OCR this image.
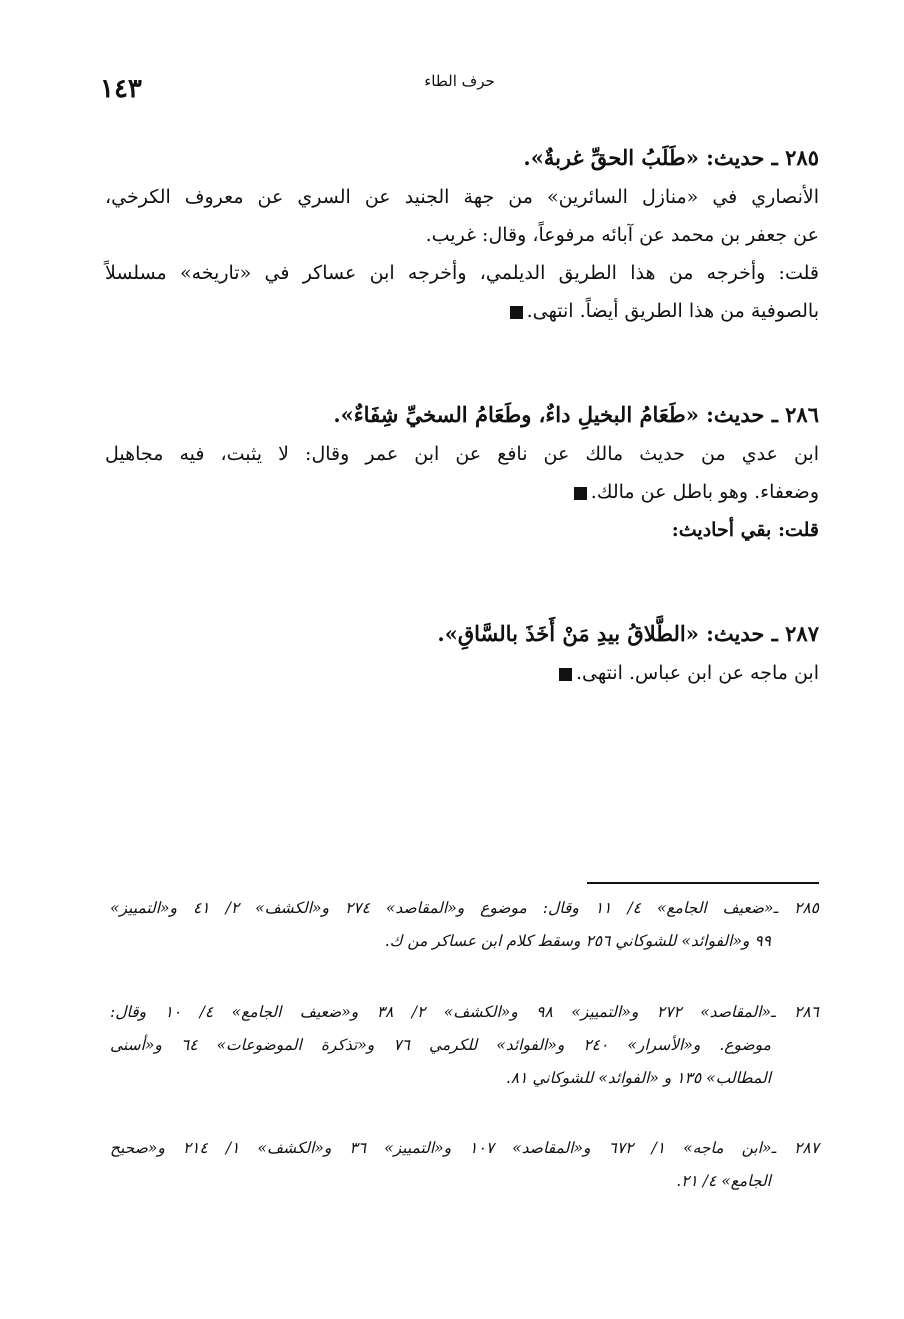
حرف الطاء
١٤٣
٢٨٥ ـ حديث: «طَلَبُ الحقِّ غربةٌ».
الأنصاري في «منازل السائرين» من جهة الجنيد عن السري عن معروف الكرخي،
عن جعفر بن محمد عن آبائه مرفوعاً، وقال: غريب.
قلت: وأخرجه من هذا الطريق الديلمي، وأخرجه ابن عساكر في «تاريخه» مسلسلاً
بالصوفية من هذا الطريق أيضاً. انتهى.
٢٨٦ ـ حديث: «طَعَامُ البخيلِ داءٌ، وطَعَامُ السخيِّ شِفَاءٌ».
ابن عدي من حديث مالك عن نافع عن ابن عمر وقال: لا يثبت، فيه مجاهيل
وضعفاء. وهو باطل عن مالك.
قلت: بقي أحاديث:
٢٨٧ ـ حديث: «الطَّلاقُ بيدِ مَنْ أَخَذَ بالسَّاقِ».
ابن ماجه عن ابن عباس. انتهى.
٢٨٥ ـ«ضعيف الجامع» ٤/ ١١ وقال: موضوع و«المقاصد» ٢٧٤ و«الكشف» ٢/ ٤١ و«التمييز»
٩٩ و«الفوائد» للشوكاني ٢٥٦ وسقط كلام ابن عساكر من ك.
٢٨٦ ـ«المقاصد» ٢٧٢ و«التمييز» ٩٨ و«الكشف» ٢/ ٣٨ و«ضعيف الجامع» ٤/ ١٠ وقال:
موضوع. و«الأسرار» ٢٤٠ و«الفوائد» للكرمي ٧٦ و«تذكرة الموضوعات» ٦٤ و«أسنى
المطالب» ١٣٥ و «الفوائد» للشوكاني ٨١.
٢٨٧ ـ«ابن ماجه» ١/ ٦٧٢ و«المقاصد» ١٠٧ و«التمييز» ٣٦ و«الكشف» ١/ ٢١٤ و«صحيح
الجامع» ٤/ ٢١.
